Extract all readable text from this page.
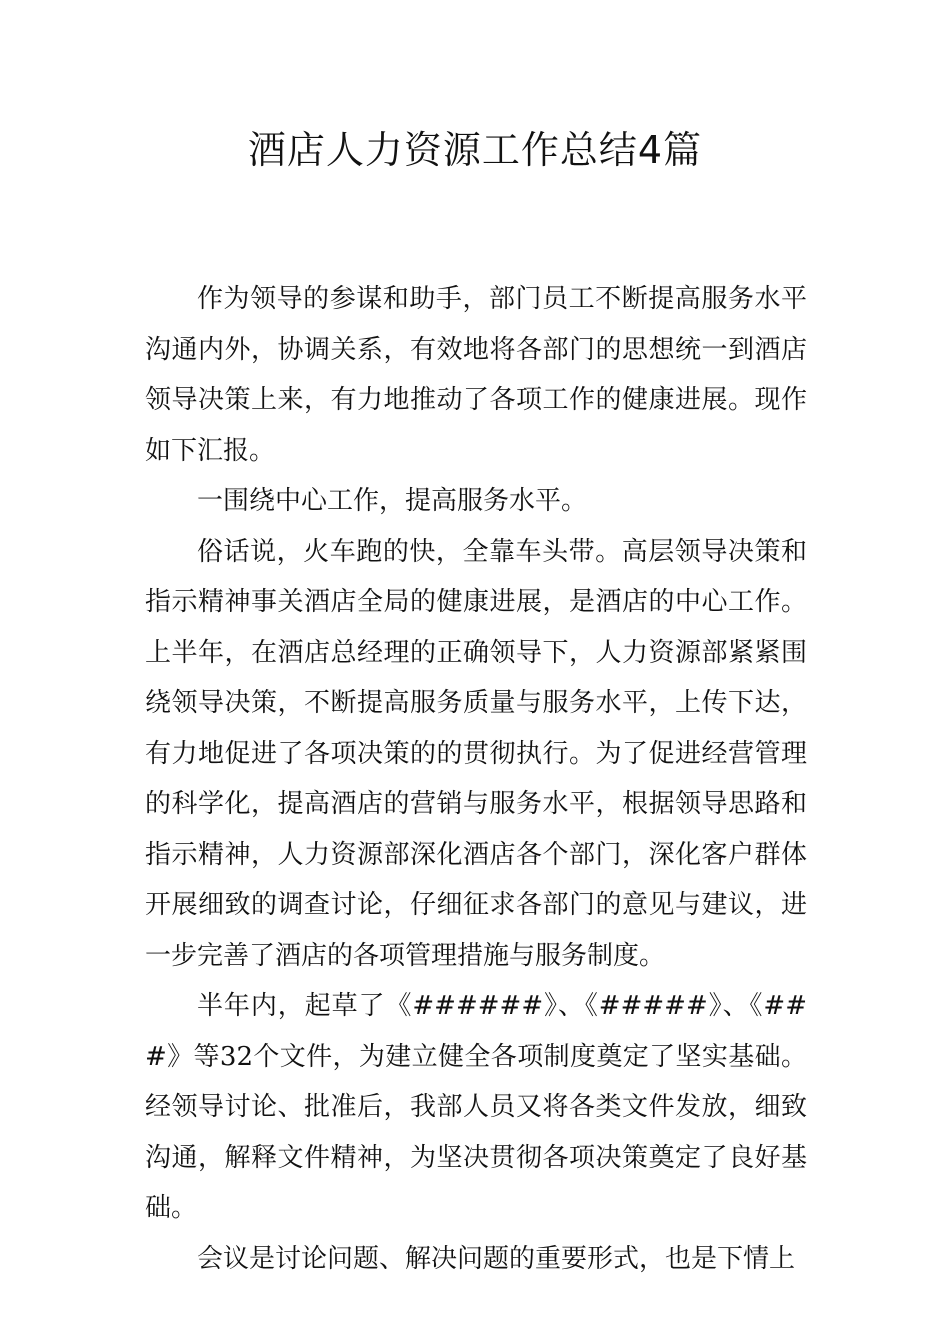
酒店人力资源工作总结4篇

作为领导的参谋和助手，部门员工不断提高服务水平沟通内外，协调关系，有效地将各部门的思想统一到酒店领导决策上来，有力地推动了各项工作的健康进展。现作如下汇报。

一围绕中心工作，提高服务水平。

俗话说，火车跑的快，全靠车头带。高层领导决策和指示精神事关酒店全局的健康进展，是酒店的中心工作。上半年，在酒店总经理的正确领导下，人力资源部紧紧围绕领导决策，不断提高服务质量与服务水平，上传下达，有力地促进了各项决策的的贯彻执行。为了促进经营管理的科学化，提高酒店的营销与服务水平，根据领导思路和指示精神，人力资源部深化酒店各个部门，深化客户群体开展细致的调查讨论，仔细征求各部门的意见与建议，进一步完善了酒店的各项管理措施与服务制度。

半年内，起草了《######》、《#####》、《###》等32个文件，为建立健全各项制度奠定了坚实基础。经领导讨论、批准后，我部人员又将各类文件发放，细致沟通，解释文件精神，为坚决贯彻各项决策奠定了良好基础。

会议是讨论问题、解决问题的重要形式，也是下情上
